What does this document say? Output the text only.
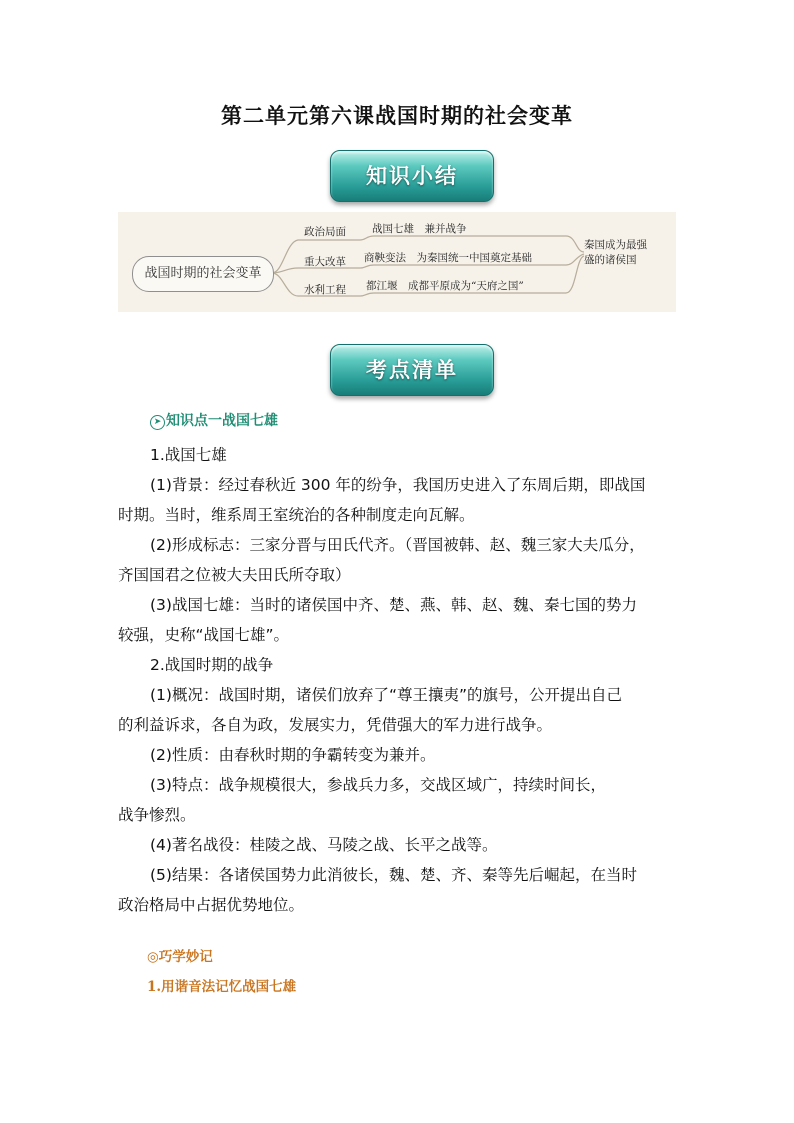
第二单元第六课战国时期的社会变革
知识小结
战国时期的社会变革
政治局面
重大改革
水利工程
战国七雄　兼并战争
商鞅变法　为秦国统一中国奠定基础
都江堰　成都平原成为“天府之国”
秦国成为最强
盛的诸侯国
考点清单
➤ 知识点一战国七雄
1.战国七雄
(1)背景：经过春秋近 300 年的纷争，我国历史进入了东周后期，即战国
时期。当时，维系周王室统治的各种制度走向瓦解。
(2)形成标志：三家分晋与田氏代齐。（晋国被韩、赵、魏三家大夫瓜分，
齐国国君之位被大夫田氏所夺取）
(3)战国七雄：当时的诸侯国中齐、楚、燕、韩、赵、魏、秦七国的势力
较强，史称“战国七雄”。
2.战国时期的战争
(1)概况：战国时期，诸侯们放弃了“尊王攘夷”的旗号，公开提出自己
的利益诉求，各自为政，发展实力，凭借强大的军力进行战争。
(2)性质：由春秋时期的争霸转变为兼并。
(3)特点：战争规模很大，参战兵力多，交战区域广，持续时间长，
战争惨烈。
(4)著名战役：桂陵之战、马陵之战、长平之战等。
(5)结果：各诸侯国势力此消彼长，魏、楚、齐、秦等先后崛起，在当时
政治格局中占据优势地位。
◎巧学妙记
1.用谐音法记忆战国七雄
